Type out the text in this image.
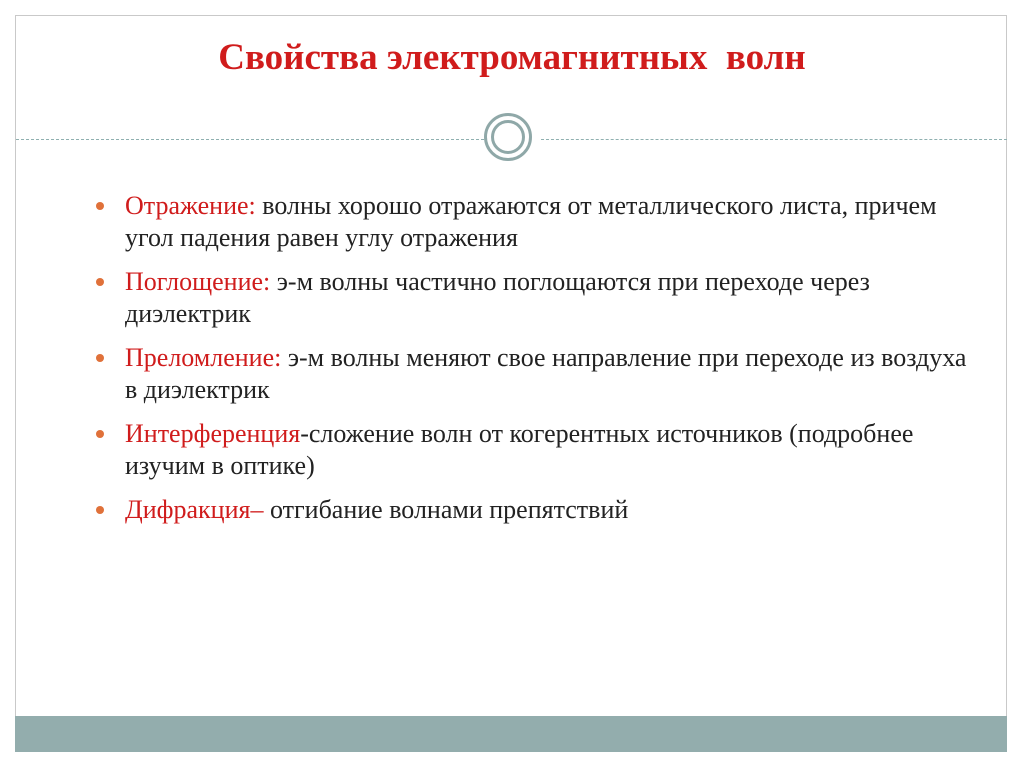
Свойства электромагнитных  волн
Отражение: волны хорошо отражаются от металлического листа, причем угол падения равен углу отражения
Поглощение: э-м волны частично поглощаются при переходе через диэлектрик
Преломление: э-м волны меняют свое направление при переходе из воздуха в диэлектрик
Интерференция-сложение волн от когерентных источников (подробнее изучим в оптике)
Дифракция– отгибание волнами препятствий
